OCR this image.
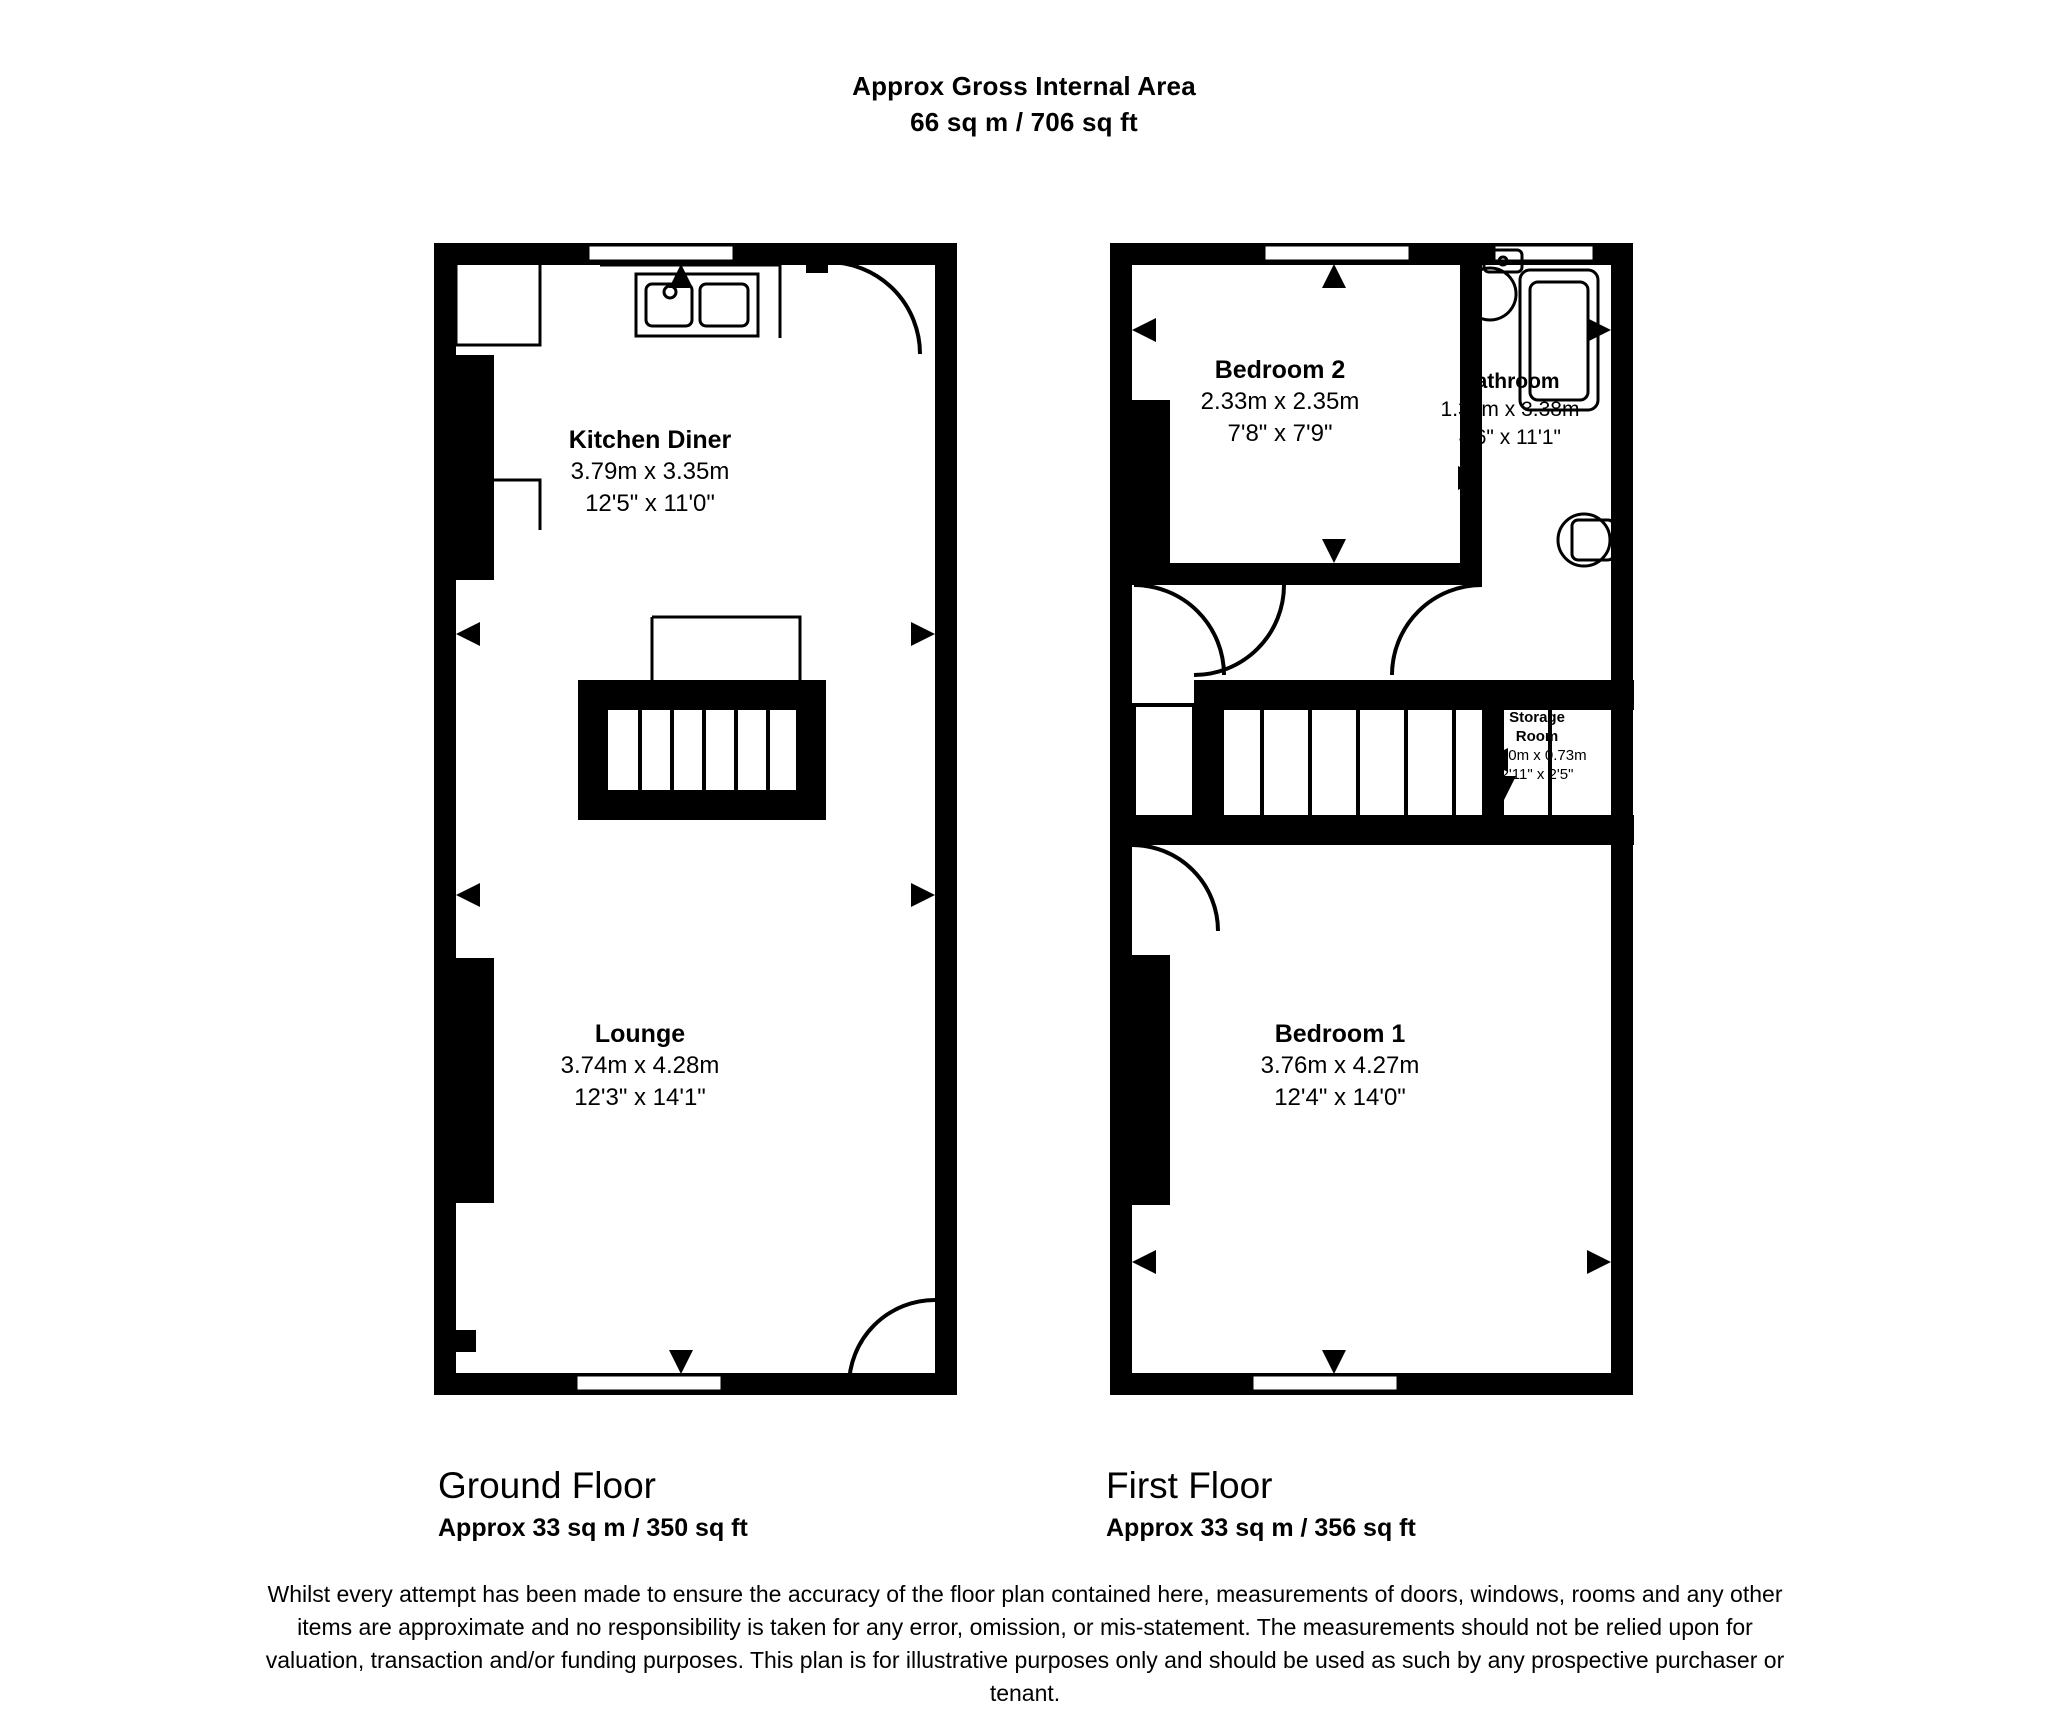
Approx Gross Internal Area
66 sq m / 706 sq ft
Kitchen Diner
3.79m x 3.35m
12'5" x 11'0"
Lounge
3.74m x 4.28m
12'3" x 14'1"
Bedroom 2
2.33m x 2.35m
7'8" x 7'9"
Bathroom
1.36m x 3.38m
4'6" x 11'1"
Storage
Room
0.90m x 0.73m
2'11" x 2'5"
Bedroom 1
3.76m x 4.27m
12'4" x 14'0"
Ground Floor
Approx 33 sq m / 350 sq ft
First Floor
Approx 33 sq m / 356 sq ft
Whilst every attempt has been made to ensure the accuracy of the floor plan contained here, measurements of doors, windows, rooms and any other items are approximate and no responsibility is taken for any error, omission, or mis-statement. The measurements should not be relied upon for valuation, transaction and/or funding purposes. This plan is for illustrative purposes only and should be used as such by any prospective purchaser or tenant.
